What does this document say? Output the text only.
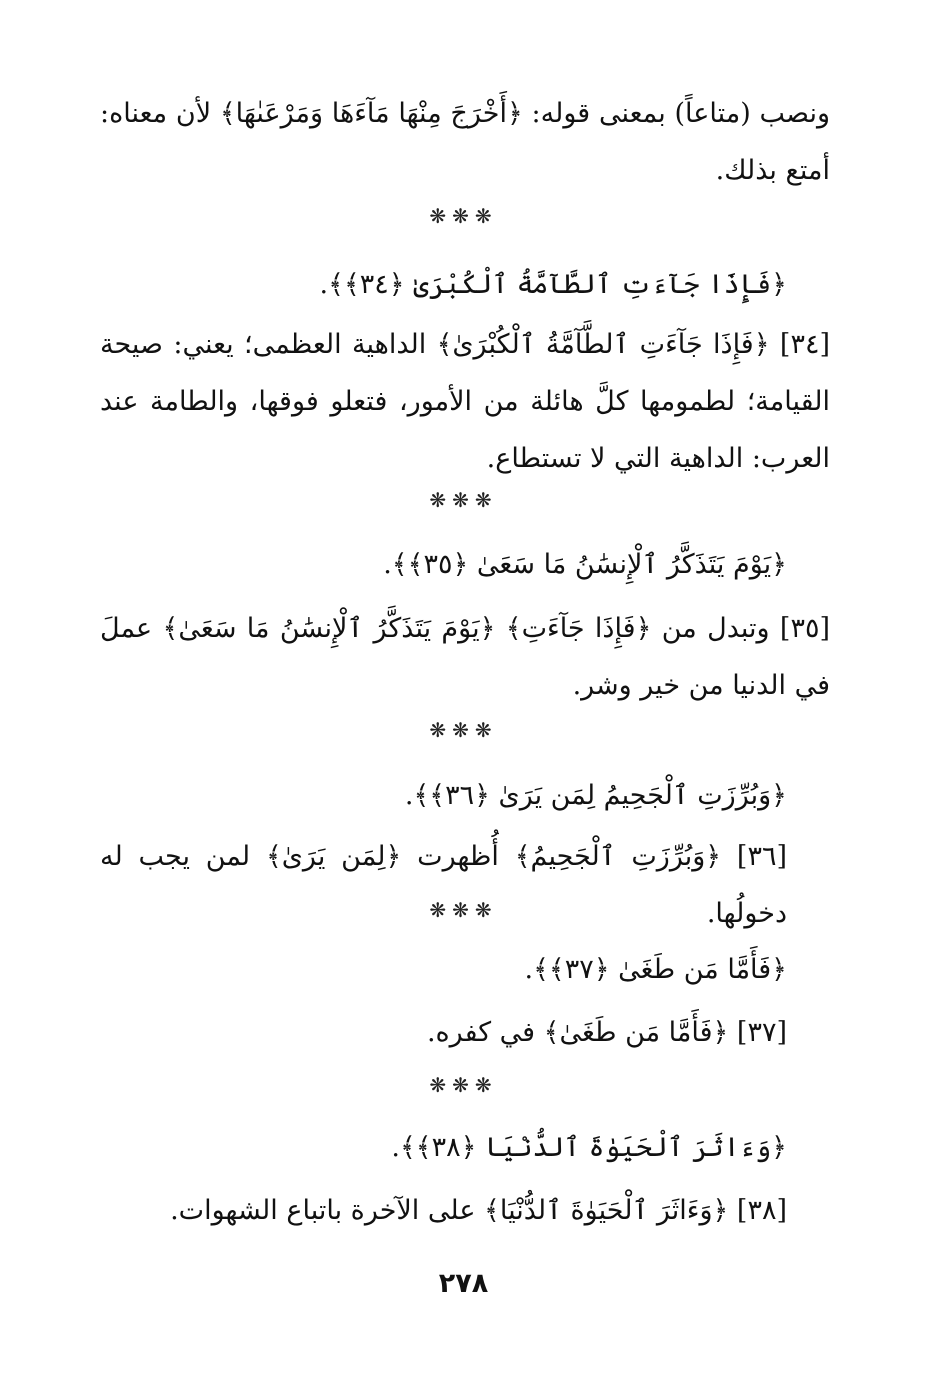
ونصب (متاعاً) بمعنى قوله: ﴿أَخْرَجَ مِنْهَا مَآءَهَا وَمَرْعَىٰهَا﴾ لأن معناه: أمتع بذلك.
❋❋❋
﴿فَإِذَا جَآءَتِ ٱلطَّآمَّةُ ٱلْكُبْرَىٰ ﴿٣٤﴾﴾.
[٣٤] ﴿فَإِذَا جَآءَتِ ٱلطَّآمَّةُ ٱلْكُبْرَىٰ﴾ الداهية العظمى؛ يعني: صيحة القيامة؛ لطمومها كلَّ هائلة من الأمور، فتعلو فوقها، والطامة عند العرب: الداهية التي لا تستطاع.
❋❋❋
﴿يَوْمَ يَتَذَكَّرُ ٱلْإِنسَٰنُ مَا سَعَىٰ ﴿٣٥﴾﴾.
[٣٥] وتبدل من ﴿فَإِذَا جَآءَتِ﴾ ﴿يَوْمَ يَتَذَكَّرُ ٱلْإِنسَٰنُ مَا سَعَىٰ﴾ عملَ في الدنيا من خير وشر.
❋❋❋
﴿وَبُرِّزَتِ ٱلْجَحِيمُ لِمَن يَرَىٰ ﴿٣٦﴾﴾.
[٣٦] ﴿وَبُرِّزَتِ ٱلْجَحِيمُ﴾ أُظهرت ﴿لِمَن يَرَىٰ﴾ لمن يجب له دخولُها.
❋❋❋
﴿فَأَمَّا مَن طَغَىٰ ﴿٣٧﴾﴾.
[٣٧] ﴿فَأَمَّا مَن طَغَىٰ﴾ في كفره.
❋❋❋
﴿وَءَاثَرَ ٱلْحَيَوٰةَ ٱلدُّنْيَا ﴿٣٨﴾﴾.
[٣٨] ﴿وَءَاثَرَ ٱلْحَيَوٰةَ ٱلدُّنْيَا﴾ على الآخرة باتباع الشهوات.
٢٧٨
